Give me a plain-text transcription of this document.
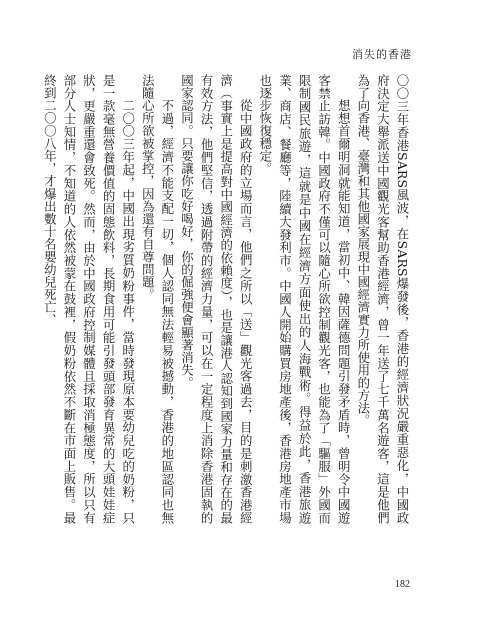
消失的香港

〇〇三年香港SARS風波，在SARS爆發後，香港的經濟狀況嚴重惡化，中國政府決定大舉派送中國觀光客幫助香港經濟，曾一年送了七千萬名遊客，這是他們為了向香港、臺灣和其他國家展現中國經濟實力所使用的方法。

想想首爾明洞就能知道，當初中、韓因薩德問題引發矛盾時，曾明令中國遊客禁止訪韓。中國政府不僅可以隨心所欲控制觀光客，也能為了「驅服」外國而限制國民旅遊，這就是中國在經濟方面使出的人海戰術。得益於此，香港旅遊業、商店、餐廳等，陸續大發利市。中國人開始購買房地產後，香港房地產市場也逐步恢復穩定。

從中國政府的立場而言，他們之所以「送」觀光客過去，目的是刺激香港經濟（事實上是提高對中國經濟的依賴度），也是讓港人認知到國家力量和存在的最有效方法，他們堅信，透過附帶的經濟力量，可以在一定程度上消除香港固執的國家認同。只要讓你吃好喝好，你的倔強便會顯著消失。

不過，經濟不能支配一切，個人認同無法輕易被撼動，香港的地區認同也無法隨心所欲被掌控，因為還有自尊問題。

二〇〇三年起，中國出現劣質奶粉事件，當時發現原本要幼兒吃的奶粉，只是一款毫無營養價值的固態飲料，長期食用可能引發頭部發育異常的大頭娃娃症狀，更嚴重還會致死。然而，由於中國政府控制媒體且採取消極態度，所以只有部分人士知情，不知道的人依然被蒙在鼓裡，假奶粉依然不斷在市面上販售。最終到二〇〇八年，才爆出數十名嬰幼兒死亡、

182
